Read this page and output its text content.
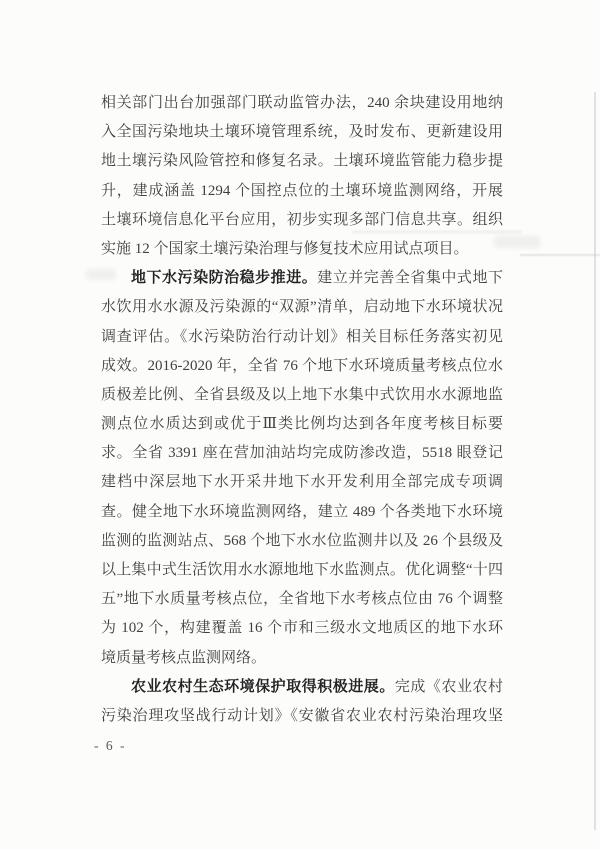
相关部门出台加强部门联动监管办法，240 余块建设用地纳
入全国污染地块土壤环境管理系统，及时发布、更新建设用
地土壤污染风险管控和修复名录。土壤环境监管能力稳步提
升，建成涵盖 1294 个国控点位的土壤环境监测网络，开展
土壤环境信息化平台应用，初步实现多部门信息共享。组织
实施 12 个国家土壤污染治理与修复技术应用试点项目。
地下水污染防治稳步推进。建立并完善全省集中式地下
水饮用水水源及污染源的“双源”清单，启动地下水环境状况
调查评估。《水污染防治行动计划》相关目标任务落实初见
成效。2016-2020 年，全省 76 个地下水环境质量考核点位水
质极差比例、全省县级及以上地下水集中式饮用水水源地监
测点位水质达到或优于Ⅲ类比例均达到各年度考核目标要
求。全省 3391 座在营加油站均完成防渗改造，5518 眼登记
建档中深层地下水开采井地下水开发利用全部完成专项调
查。健全地下水环境监测网络，建立 489 个各类地下水环境
监测的监测站点、568 个地下水水位监测井以及 26 个县级及
以上集中式生活饮用水水源地地下水监测点。优化调整“十四
五”地下水质量考核点位，全省地下水考核点位由 76 个调整
为 102 个，构建覆盖 16 个市和三级水文地质区的地下水环
境质量考核点监测网络。
农业农村生态环境保护取得积极进展。完成《农业农村
污染治理攻坚战行动计划》《安徽省农业农村污染治理攻坚
- 6 -
